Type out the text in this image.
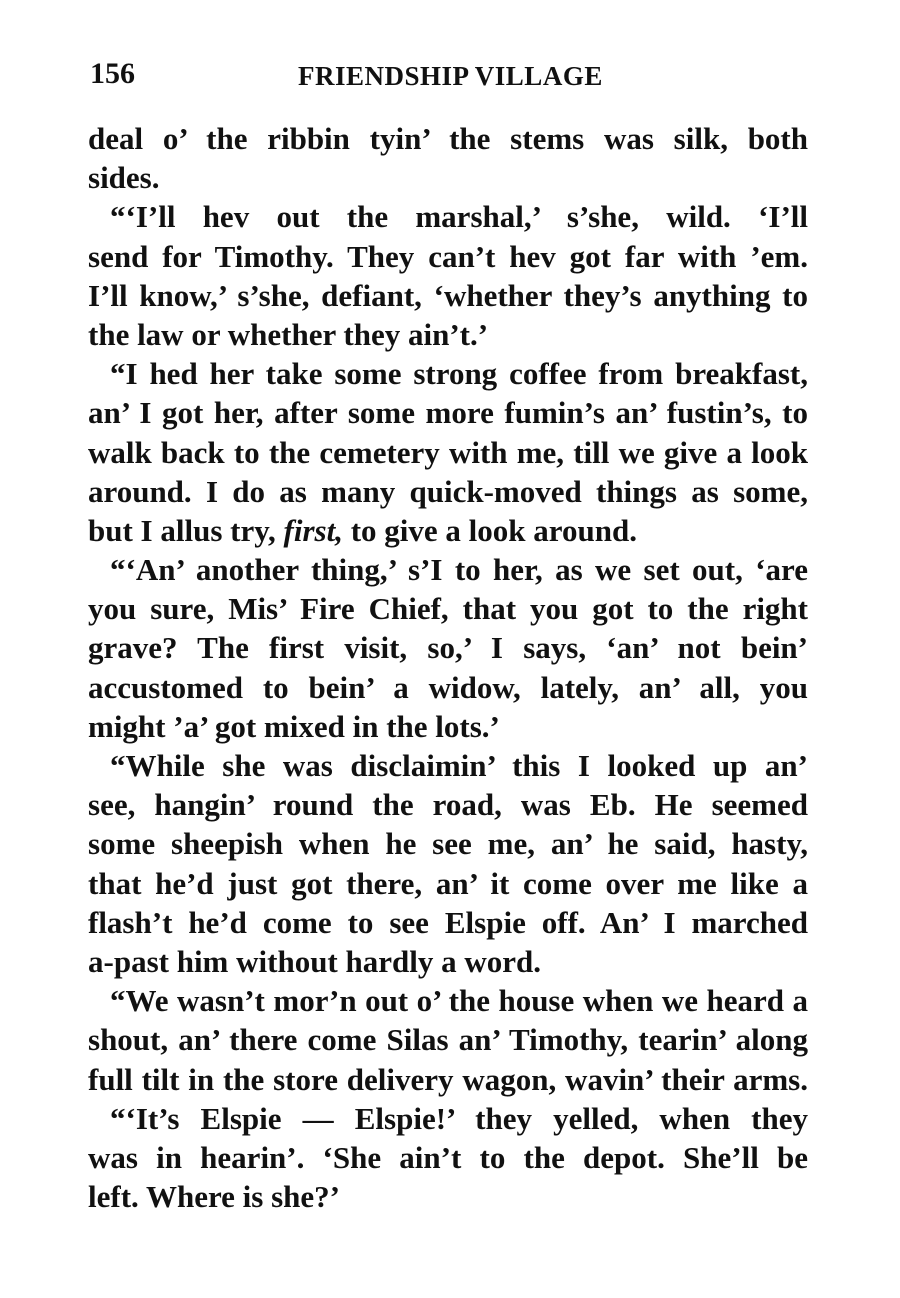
156	FRIENDSHIP VILLAGE
deal o’ the ribbin tyin’ the stems was silk, both
sides.
“‘I’ll hev out the marshal,’ s’she, wild. ‘I’ll
send for Timothy. They can’t hev got far with ’em.
I’ll know,’ s’she, defiant, ‘whether they’s anything to
the law or whether they ain’t.’
“I hed her take some strong coffee from breakfast,
an’ I got her, after some more fumin’s an’ fustin’s, to
walk back to the cemetery with me, till we give a look
around. I do as many quick-moved things as some,
but I allus try, first, to give a look around.
“‘An’ another thing,’ s’I to her, as we set out, ‘are
you sure, Mis’ Fire Chief, that you got to the right
grave? The first visit, so,’ I says, ‘an’ not bein’
accustomed to bein’ a widow, lately, an’ all, you
might ’a’ got mixed in the lots.’
“While she was disclaimin’ this I looked up an’
see, hangin’ round the road, was Eb. He seemed
some sheepish when he see me, an’ he said, hasty,
that he’d just got there, an’ it come over me like a
flash’t he’d come to see Elspie off. An’ I marched
a-past him without hardly a word.
“We wasn’t mor’n out o’ the house when we heard a
shout, an’ there come Silas an’ Timothy, tearin’ along
full tilt in the store delivery wagon, wavin’ their arms.
“‘It’s Elspie — Elspie!’ they yelled, when they
was in hearin’. ‘She ain’t to the depot. She’ll be
left. Where is she?’
